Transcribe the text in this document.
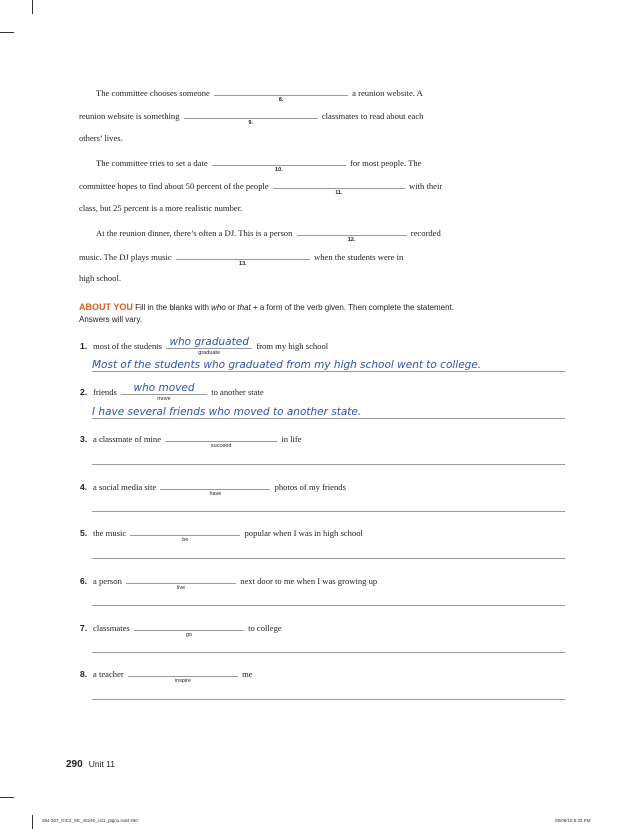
The committee chooses someone
8.
a reunion website. A
reunion website is something
9.
classmates to read about each
others’ lives.
The committee tries to set a date
10.
for most people. The
committee hopes to find about 50 percent of the people
11.
with their
class, but 25 percent is a more realistic number.
At the reunion dinner, there’s often a DJ. This is a person
12.
recorded
music. The DJ plays music
13.
when the students were in
high school.
ABOUT YOU Fill in the blanks with who or that + a form of the verb given. Then complete the statement.
Answers will vary.
1. most of the students who graduated
graduate
from my high school
Most of the students who graduated from my high school went to college.
2. friends	who moved
move
to another state
I have several friends who moved to another state.
3. a classmate of mine
succeed
in life
4. a social media site
have
photos of my friends
5. the music
be
popular when I was in high school
6. a person
live
next door to me when I was growing up
7. classmates
go
to college
8. a teacher
inspire
me
290 Unit 11
284-307_GIC2_SE_40248_U11_ptgn1.indd 290	08/08/18 6:32 PM
